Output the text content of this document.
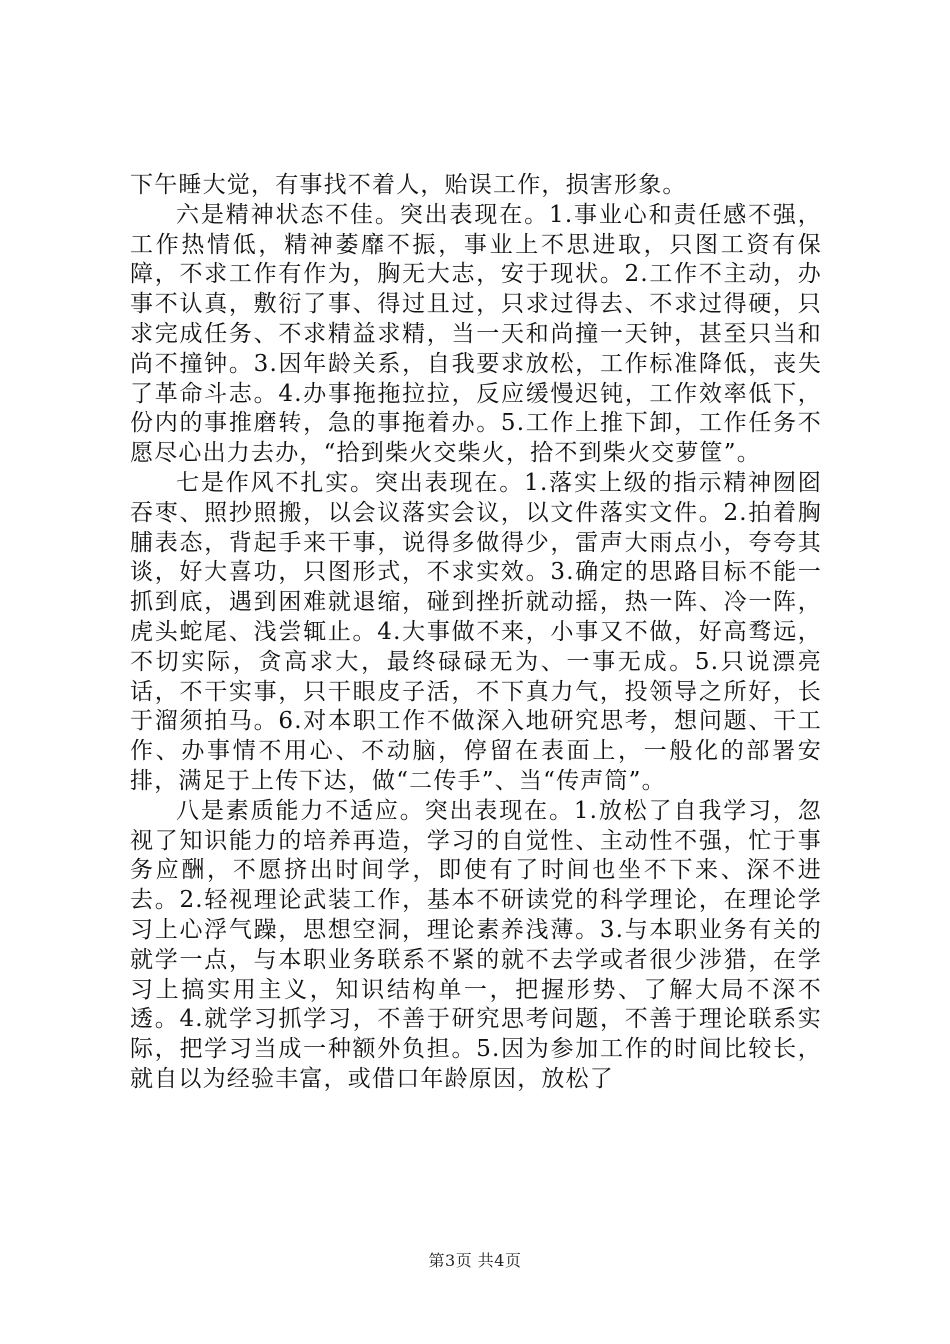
下午睡大觉，有事找不着人，贻误工作，损害形象。

六是精神状态不佳。突出表现在。1.事业心和责任感不强，工作热情低，精神萎靡不振，事业上不思进取，只图工资有保障，不求工作有作为，胸无大志，安于现状。2.工作不主动，办事不认真，敷衍了事、得过且过，只求过得去、不求过得硬，只求完成任务、不求精益求精，当一天和尚撞一天钟，甚至只当和尚不撞钟。3.因年龄关系，自我要求放松，工作标准降低，丧失了革命斗志。4.办事拖拖拉拉，反应缓慢迟钝，工作效率低下，份内的事推磨转，急的事拖着办。5.工作上推下卸，工作任务不愿尽心出力去办，“拾到柴火交柴火，拾不到柴火交萝筐”。

七是作风不扎实。突出表现在。1.落实上级的指示精神囫囵吞枣、照抄照搬，以会议落实会议，以文件落实文件。2.拍着胸脯表态，背起手来干事，说得多做得少，雷声大雨点小，夸夸其谈，好大喜功，只图形式，不求实效。3.确定的思路目标不能一抓到底，遇到困难就退缩，碰到挫折就动摇，热一阵、冷一阵，虎头蛇尾、浅尝辄止。4.大事做不来，小事又不做，好高骛远，不切实际，贪高求大，最终碌碌无为、一事无成。5.只说漂亮话，不干实事，只干眼皮子活，不下真力气，投领导之所好，长于溜须拍马。6.对本职工作不做深入地研究思考，想问题、干工作、办事情不用心、不动脑，停留在表面上，一般化的部署安排，满足于上传下达，做“二传手”、当“传声筒”。

八是素质能力不适应。突出表现在。1.放松了自我学习，忽视了知识能力的培养再造，学习的自觉性、主动性不强，忙于事务应酬，不愿挤出时间学，即使有了时间也坐不下来、深不进去。2.轻视理论武装工作，基本不研读党的科学理论，在理论学习上心浮气躁，思想空洞，理论素养浅薄。3.与本职业务有关的就学一点，与本职业务联系不紧的就不去学或者很少涉猎，在学习上搞实用主义，知识结构单一，把握形势、了解大局不深不透。4.就学习抓学习，不善于研究思考问题，不善于理论联系实际，把学习当成一种额外负担。5.因为参加工作的时间比较长，就自以为经验丰富，或借口年龄原因，放松了

第3页 共4页
